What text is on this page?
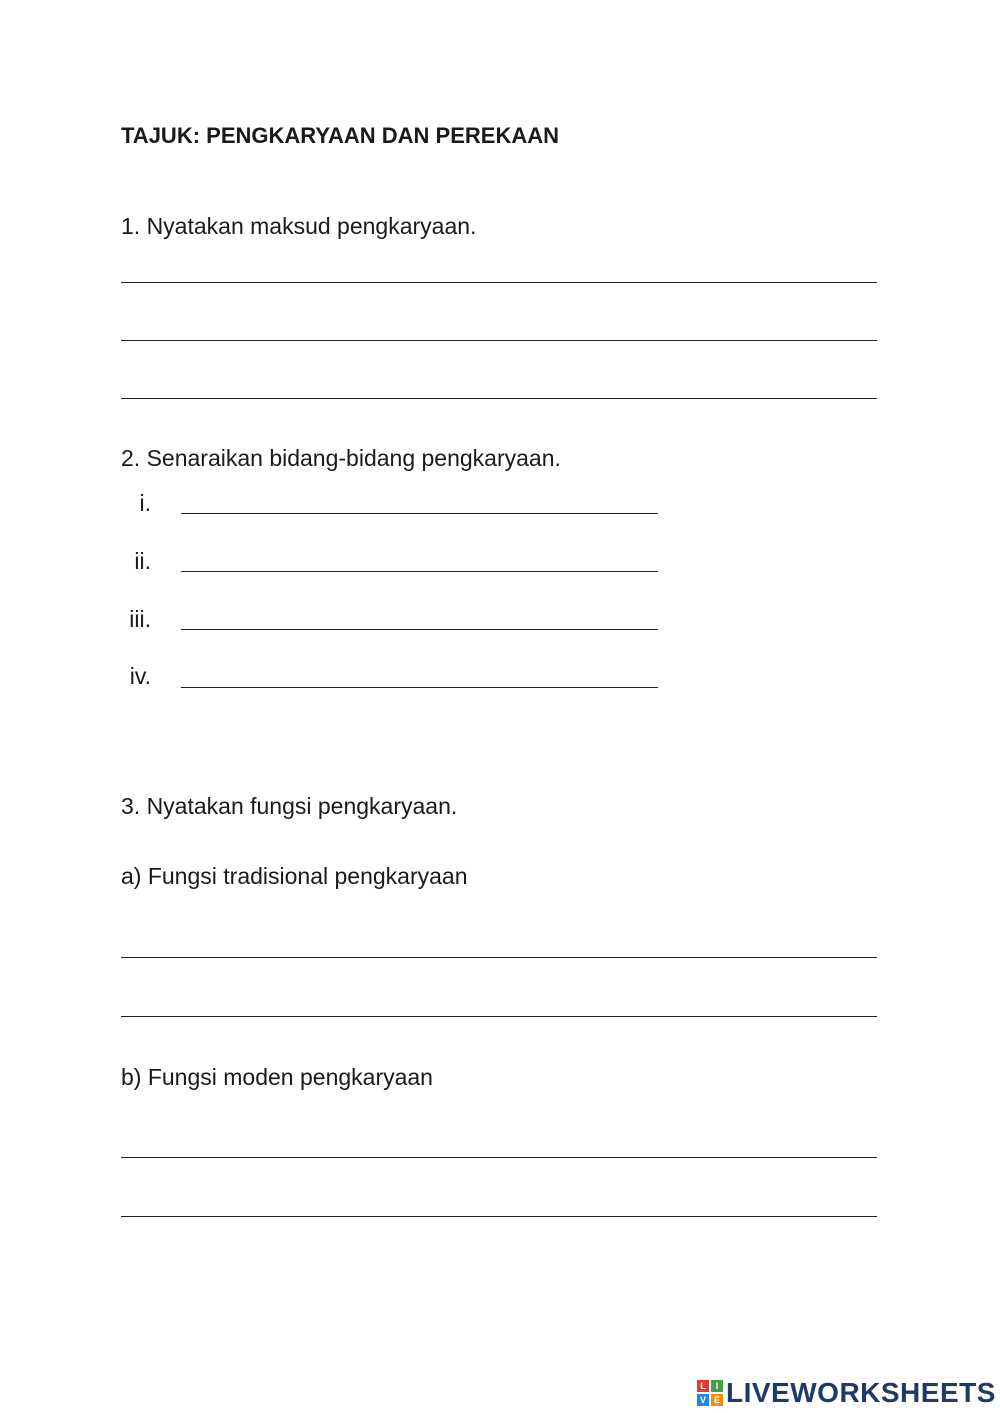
TAJUK: PENGKARYAAN DAN PEREKAAN
1. Nyatakan maksud pengkaryaan.
2. Senaraikan bidang-bidang pengkaryaan.
i.
ii.
iii.
iv.
3. Nyatakan fungsi pengkaryaan.
a) Fungsi tradisional pengkaryaan
b) Fungsi moden pengkaryaan
L	I
V E LIVEWORKSHEETS
